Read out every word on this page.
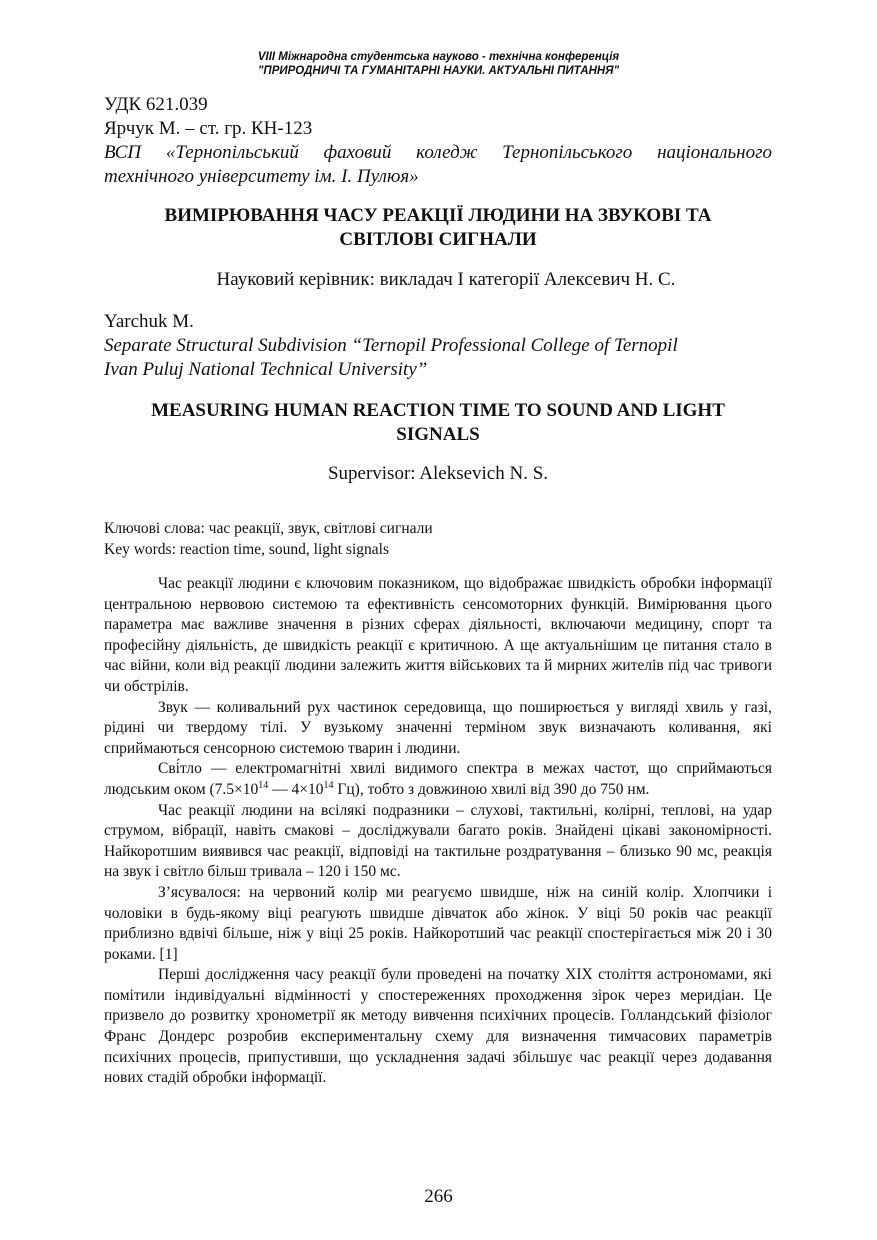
VIII Міжнародна студентська науково - технічна конференція
"ПРИРОДНИЧІ ТА ГУМАНІТАРНІ НАУКИ. АКТУАЛЬНІ ПИТАННЯ"
УДК 621.039
Ярчук М. – ст. гр. КН-123
ВСП «Тернопільський фаховий коледж Тернопільського національного
технічного університету ім. І. Пулюя»
ВИМІРЮВАННЯ ЧАСУ РЕАКЦІЇ ЛЮДИНИ НА ЗВУКОВІ ТА
СВІТЛОВІ СИГНАЛИ
Науковий керівник: викладач І категорії Алексевич Н. С.
Yarchuk M.
Separate Structural Subdivision “Ternopil Professional College of Ternopil
Ivan Puluj National Technical University”
MEASURING HUMAN REACTION TIME TO SOUND AND LIGHT
SIGNALS
Supervisor: Aleksevich N. S.
Ключові слова: час реакції, звук, світлові сигнали
Key words: reaction time, sound, light signals

Час реакції людини є ключовим показником, що відображає швидкість обробки інформації центральною нервовою системою та ефективність сенсомоторних функцій. Вимірювання цього параметра має важливе значення в різних сферах діяльності, включаючи медицину, спорт та професійну діяльність, де швидкість реакції є критичною. А ще актуальнішим це питання стало в час війни, коли від реакції людини залежить життя військових та й мирних жителів під час тривоги чи обстрілів.

Звук — коливальний рух частинок середовища, що поширюється у вигляді хвиль у газі, рідині чи твердому тілі. У вузькому значенні терміном звук визначають коливання, які сприймаються сенсорною системою тварин і людини.

Сві́тло — електромагнітні хвилі видимого спектра в межах частот, що сприймаються людським оком ($7.5\times 10^{14}$ — $4\times 10^{14}$ Гц), тобто з довжиною хвилі від 390 до 750 нм.

Час реакції людини на всілякі подразники – слухові, тактильні, колірні, теплові, на удар струмом, вібрації, навіть смакові – досліджували багато років. Знайдені цікаві закономірності. Найкоротшим виявився час реакції, відповіді на тактильне роздратування – близько 90 мс, реакція на звук і світло більш тривала – 120 і 150 мс.

З’ясувалося: на червоний колір ми реагуємо швидше, ніж на синій колір. Хлопчики і чоловіки в будь-якому віці реагують швидше дівчаток або жінок. У віці 50 років час реакції приблизно вдвічі більше, ніж у віці 25 років. Найкоротший час реакції спостерігається між 20 і 30 роками. [1]

Перші дослідження часу реакції були проведені на початку XIX століття астрономами, які помітили індивідуальні відмінності у спостереженнях проходження зірок через меридіан. Це призвело до розвитку хронометрії як методу вивчення психічних процесів. Голландський фізіолог Франс Дондерс розробив експериментальну схему для визначення тимчасових параметрів психічних процесів, припустивши, що ускладнення задачі збільшує час реакції через додавання нових стадій обробки інформації.

266
